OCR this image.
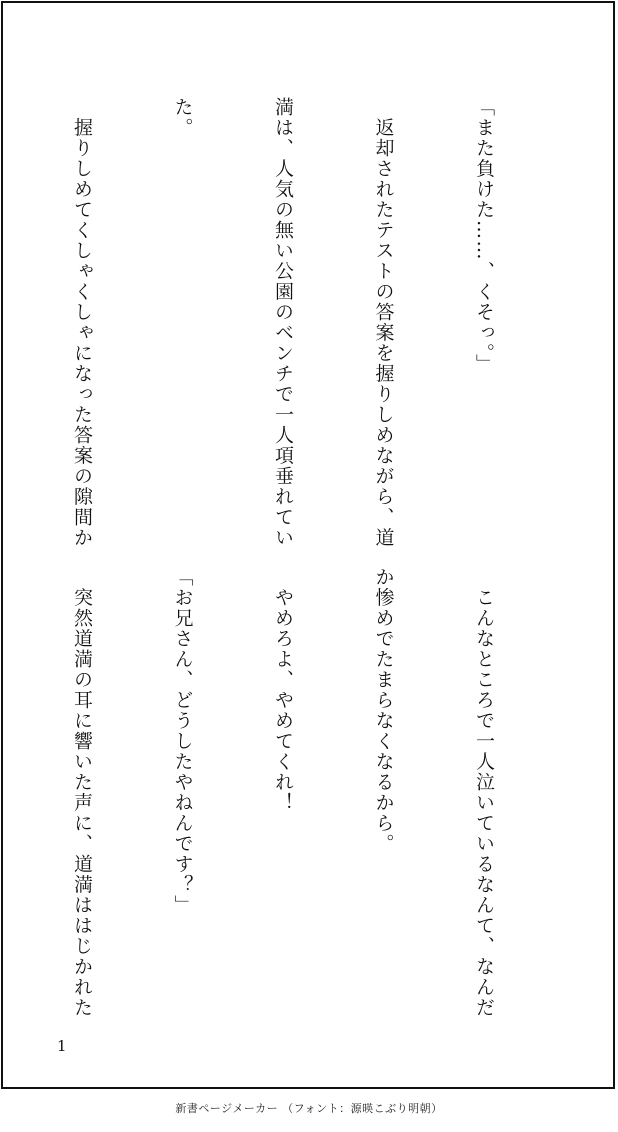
「また負けた……、くそっ。」

　返却されたテストの答案を握りしめながら、道

満は、人気の無い公園のベンチで一人項垂れてい

た。

　握りしめてくしゃくしゃになった答案の隙間か

　こんなところで一人泣いているなんて、なんだ

か惨めでたまらなくなるから。

　やめろよ、やめてくれ！

「お兄さん、どうしたやねんです？」

　突然道満の耳に響いた声に、道満ははじかれた

1
新書ページメーカー （フォント：源暎こぶり明朝）
